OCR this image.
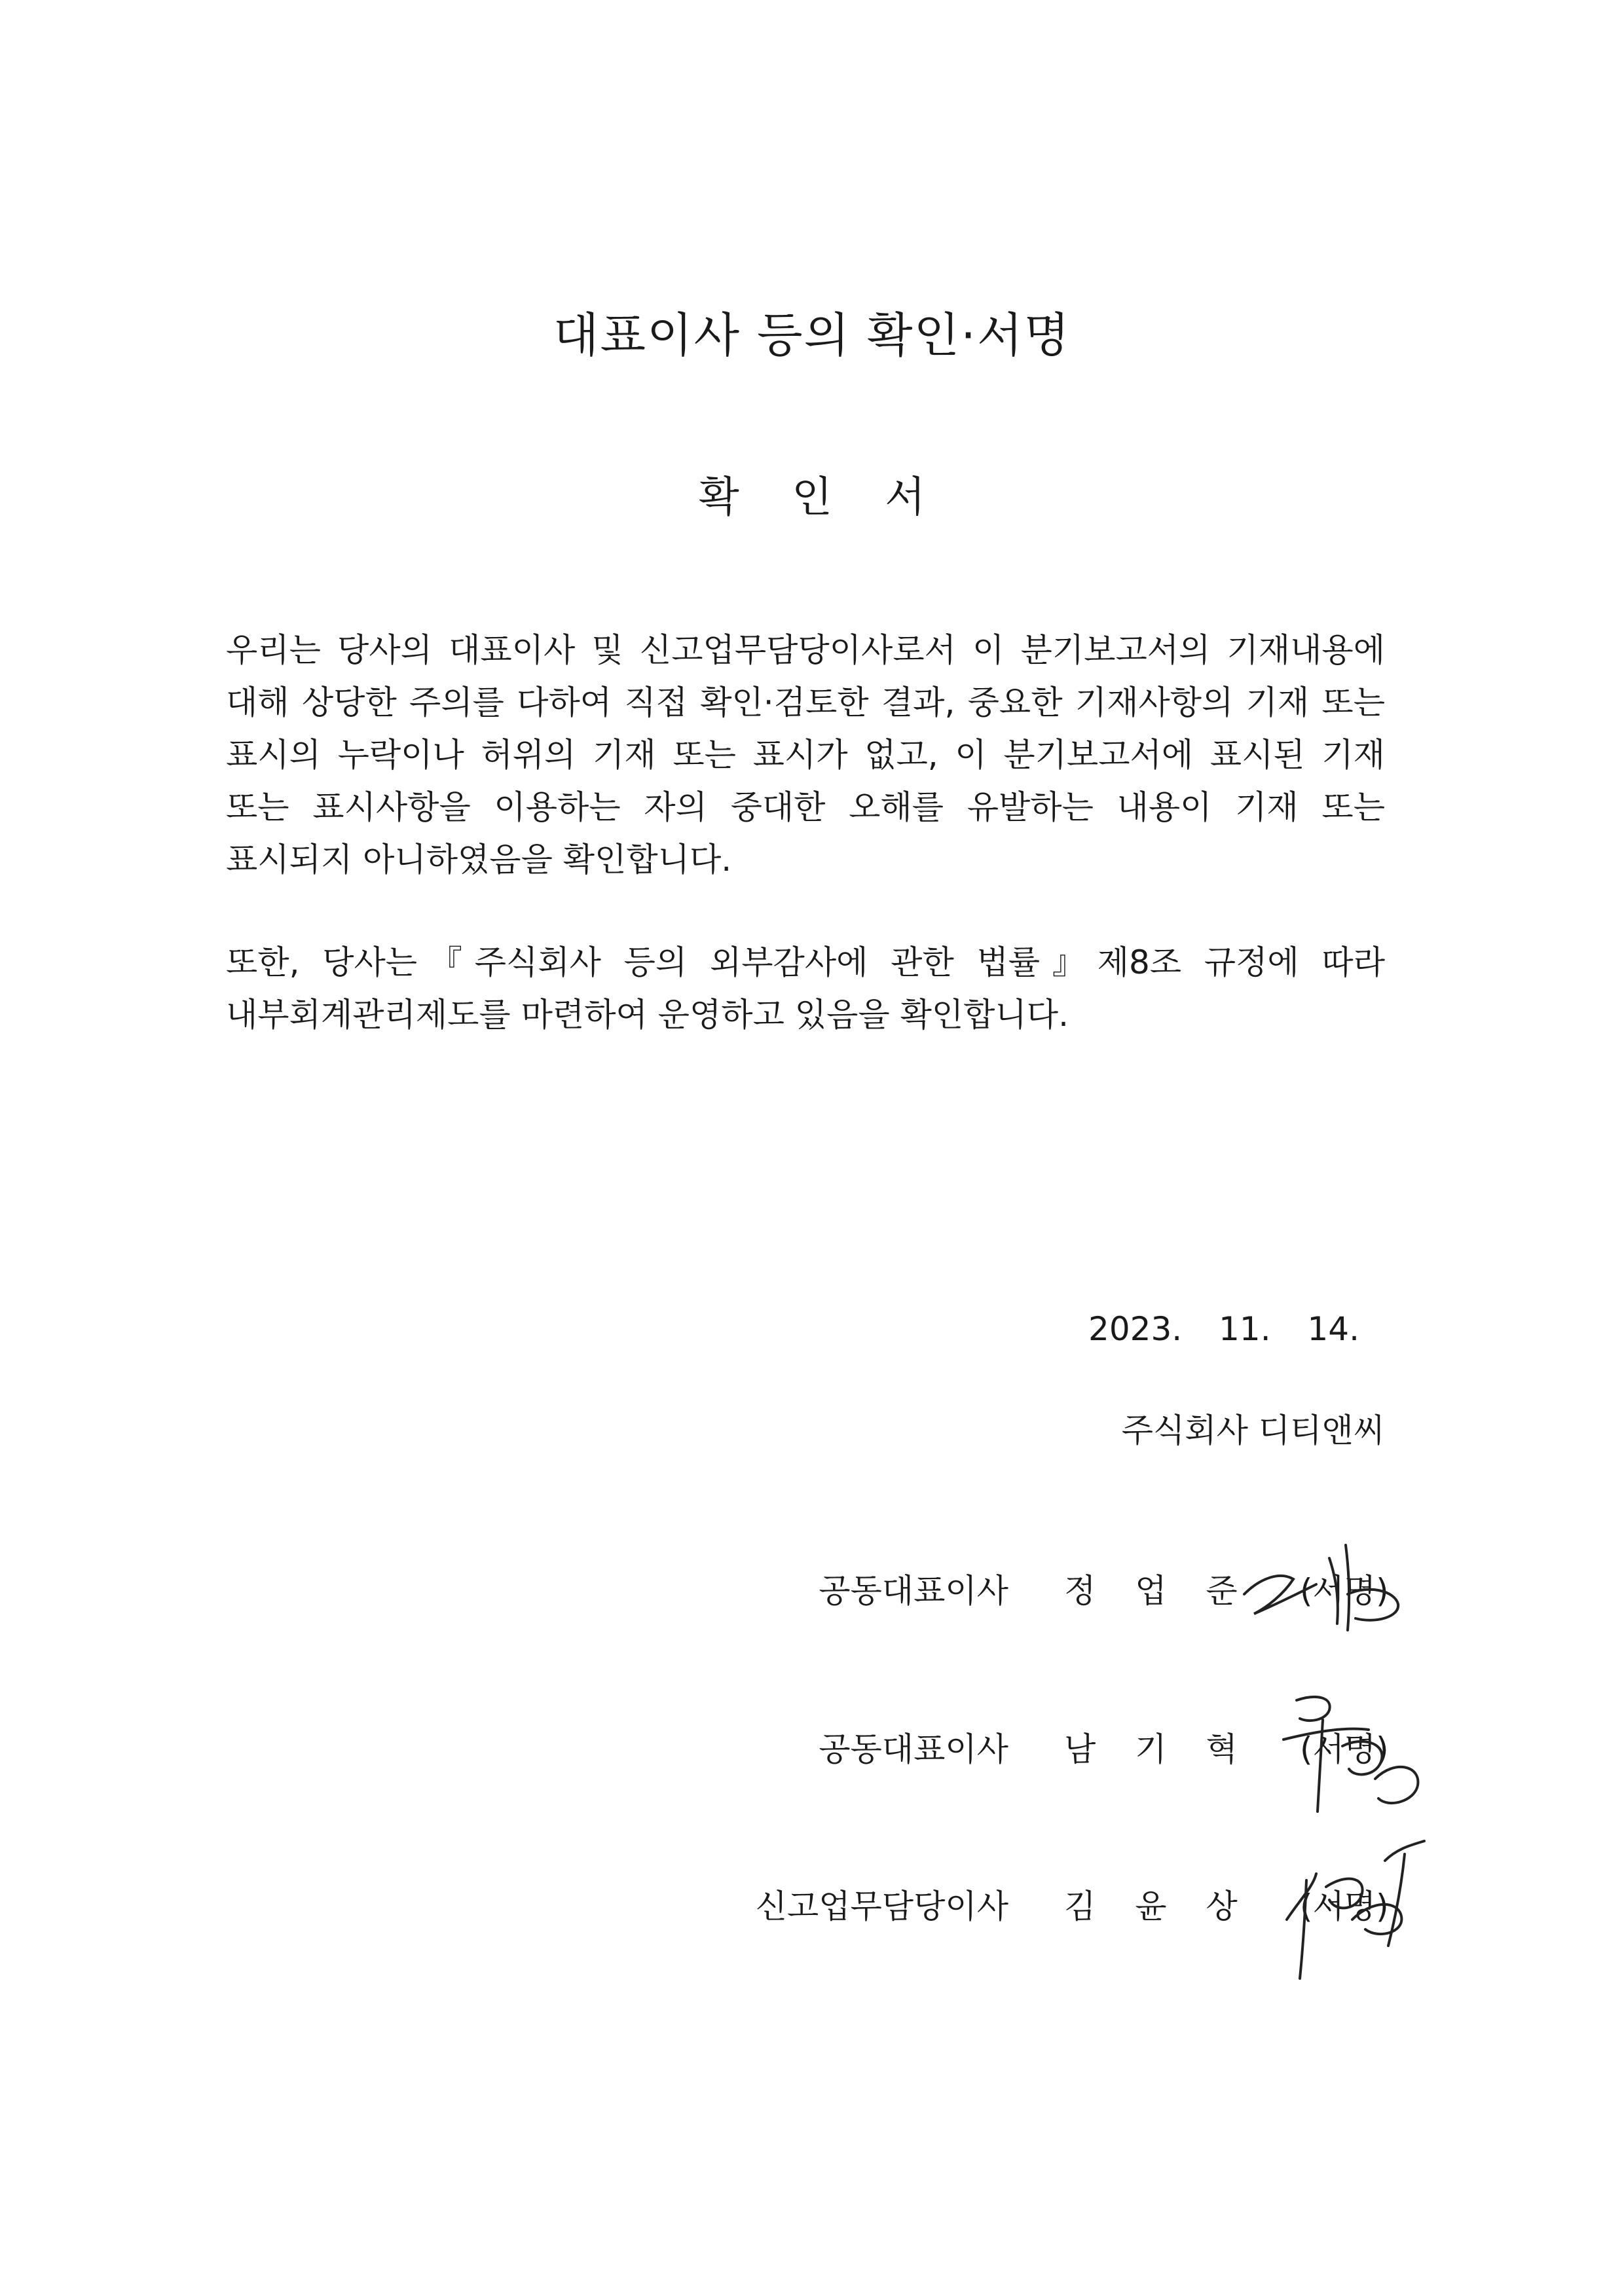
대표이사 등의 확인·서명
확 인 서

우리는 당사의 대표이사 및 신고업무담당이사로서 이 분기보고서의 기재내용에 대해 상당한 주의를 다하여 직접 확인·검토한 결과, 중요한 기재사항의 기재 또는 표시의 누락이나 허위의 기재 또는 표시가 없고, 이 분기보고서에 표시된 기재 또는 표시사항을 이용하는 자의 중대한 오해를 유발하는 내용이 기재 또는 표시되지 아니하였음을 확인합니다.

또한, 당사는『주식회사 등의 외부감사에 관한 법률』제8조 규정에 따라 내부회계관리제도를 마련하여 운영하고 있음을 확인합니다.

2023. 11. 14.
주식회사 디티앤씨
공동대표이사 정 업 준 (서명)
공동대표이사 남 기 혁 (서명)
신고업무담당이사 김 윤 상 (서명)
